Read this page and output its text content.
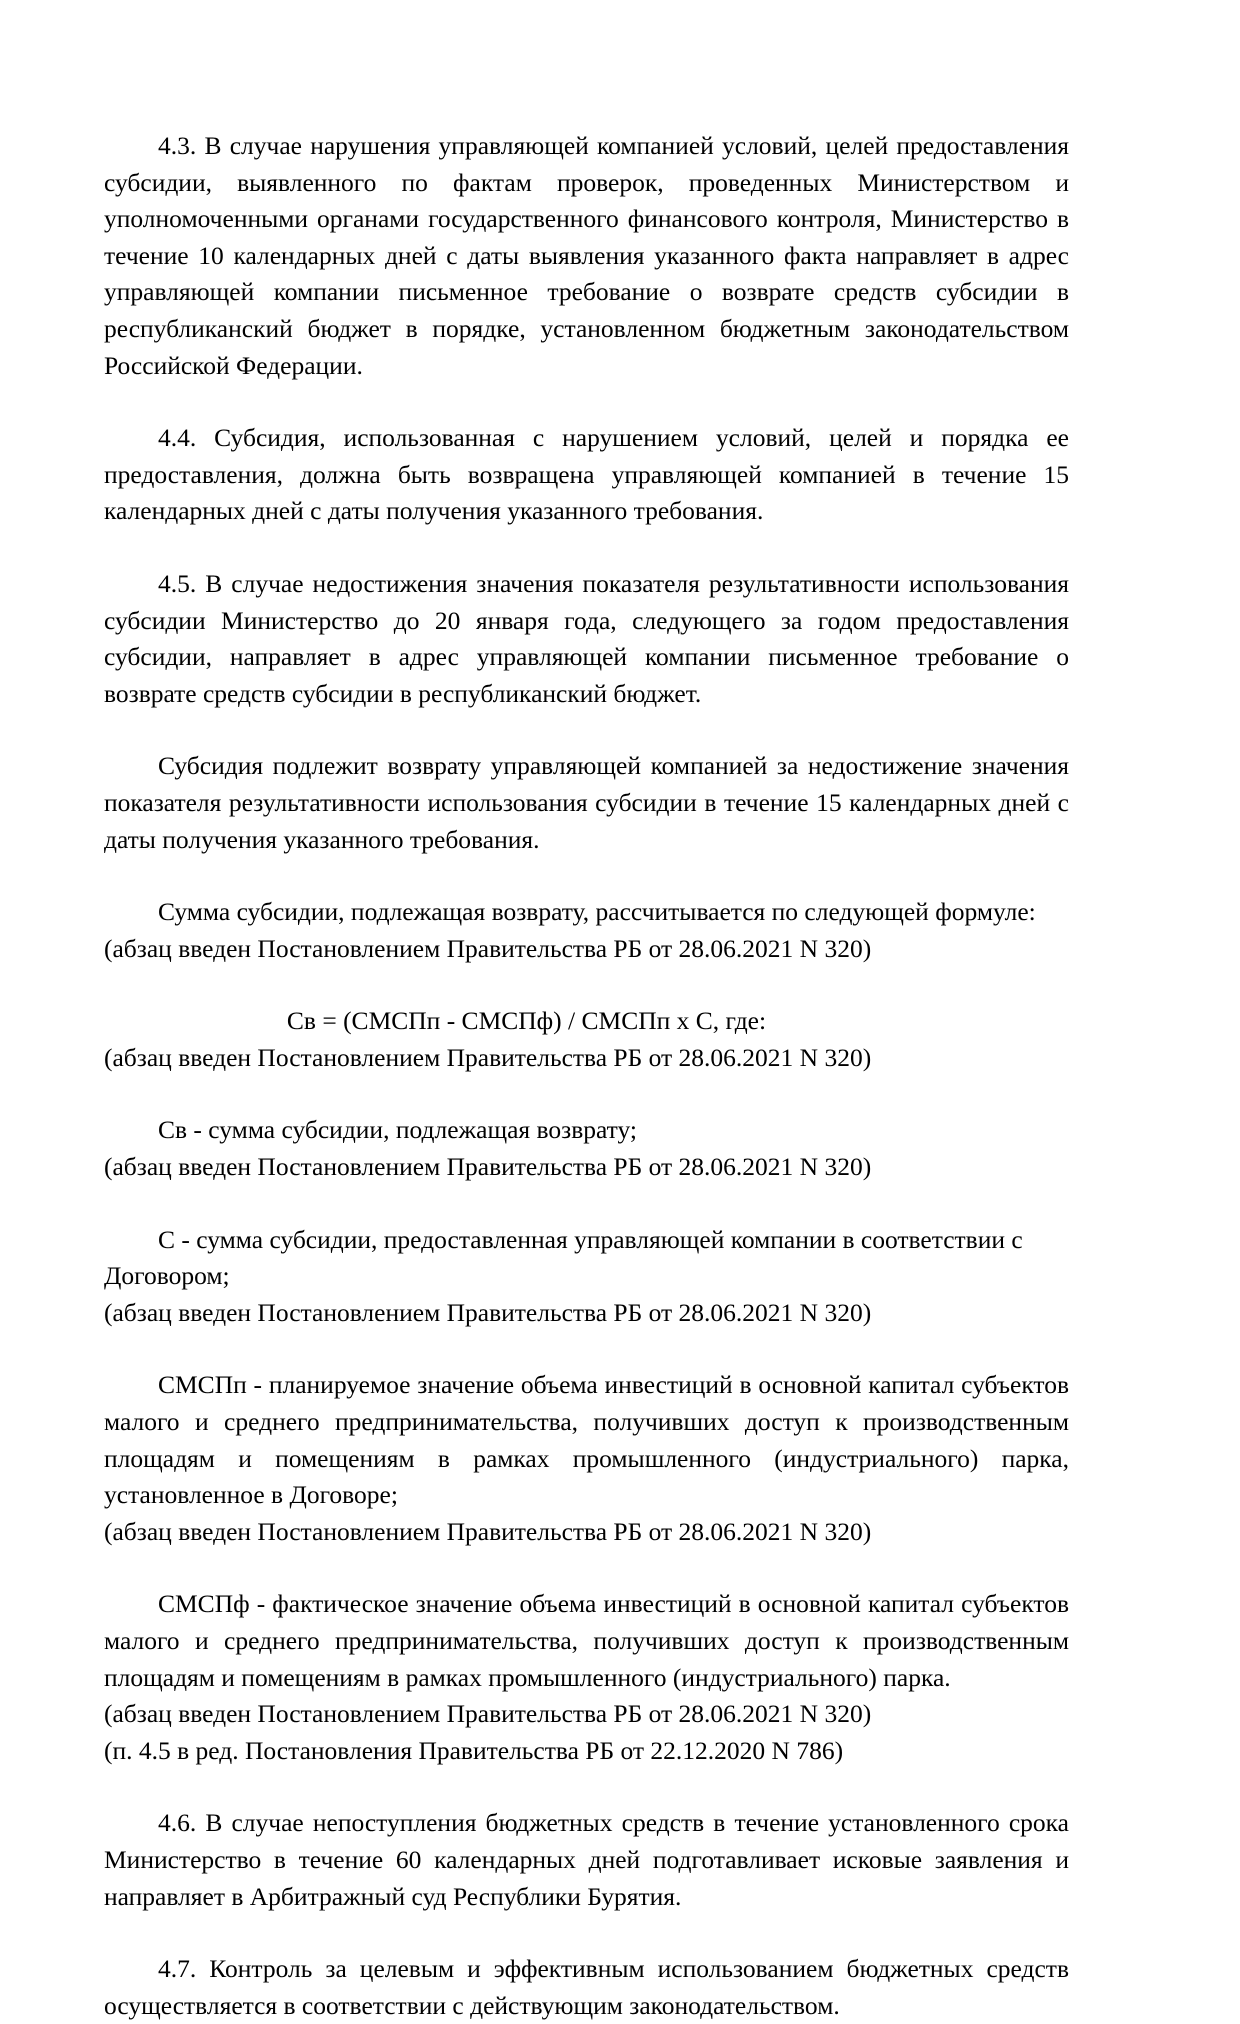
4.3. В случае нарушения управляющей компанией условий, целей предоставления субсидии, выявленного по фактам проверок, проведенных Министерством и уполномоченными органами государственного финансового контроля, Министерство в течение 10 календарных дней с даты выявления указанного факта направляет в адрес управляющей компании письменное требование о возврате средств субсидии в республиканский бюджет в порядке, установленном бюджетным законодательством Российской Федерации.

4.4. Субсидия, использованная с нарушением условий, целей и порядка ее предоставления, должна быть возвращена управляющей компанией в течение 15 календарных дней с даты получения указанного требования.

4.5. В случае недостижения значения показателя результативности использования субсидии Министерство до 20 января года, следующего за годом предоставления субсидии, направляет в адрес управляющей компании письменное требование о возврате средств субсидии в республиканский бюджет.

Субсидия подлежит возврату управляющей компанией за недостижение значения показателя результативности использования субсидии в течение 15 календарных дней с даты получения указанного требования.

Сумма субсидии, подлежащая возврату, рассчитывается по следующей формуле:

(абзац введен Постановлением Правительства РБ от 28.06.2021 N 320)

Св = (СМСПп - СМСПф) / СМСПп х С, где:

(абзац введен Постановлением Правительства РБ от 28.06.2021 N 320)

Св - сумма субсидии, подлежащая возврату;

(абзац введен Постановлением Правительства РБ от 28.06.2021 N 320)

С - сумма субсидии, предоставленная управляющей компании в соответствии с Договором;

(абзац введен Постановлением Правительства РБ от 28.06.2021 N 320)

СМСПп - планируемое значение объема инвестиций в основной капитал субъектов малого и среднего предпринимательства, получивших доступ к производственным площадям и помещениям в рамках промышленного (индустриального) парка, установленное в Договоре;

(абзац введен Постановлением Правительства РБ от 28.06.2021 N 320)

СМСПф - фактическое значение объема инвестиций в основной капитал субъектов малого и среднего предпринимательства, получивших доступ к производственным площадям и помещениям в рамках промышленного (индустриального) парка.

(абзац введен Постановлением Правительства РБ от 28.06.2021 N 320)

(п. 4.5 в ред. Постановления Правительства РБ от 22.12.2020 N 786)

4.6. В случае непоступления бюджетных средств в течение установленного срока Министерство в течение 60 календарных дней подготавливает исковые заявления и направляет в Арбитражный суд Республики Бурятия.

4.7. Контроль за целевым и эффективным использованием бюджетных средств осуществляется в соответствии с действующим законодательством.
